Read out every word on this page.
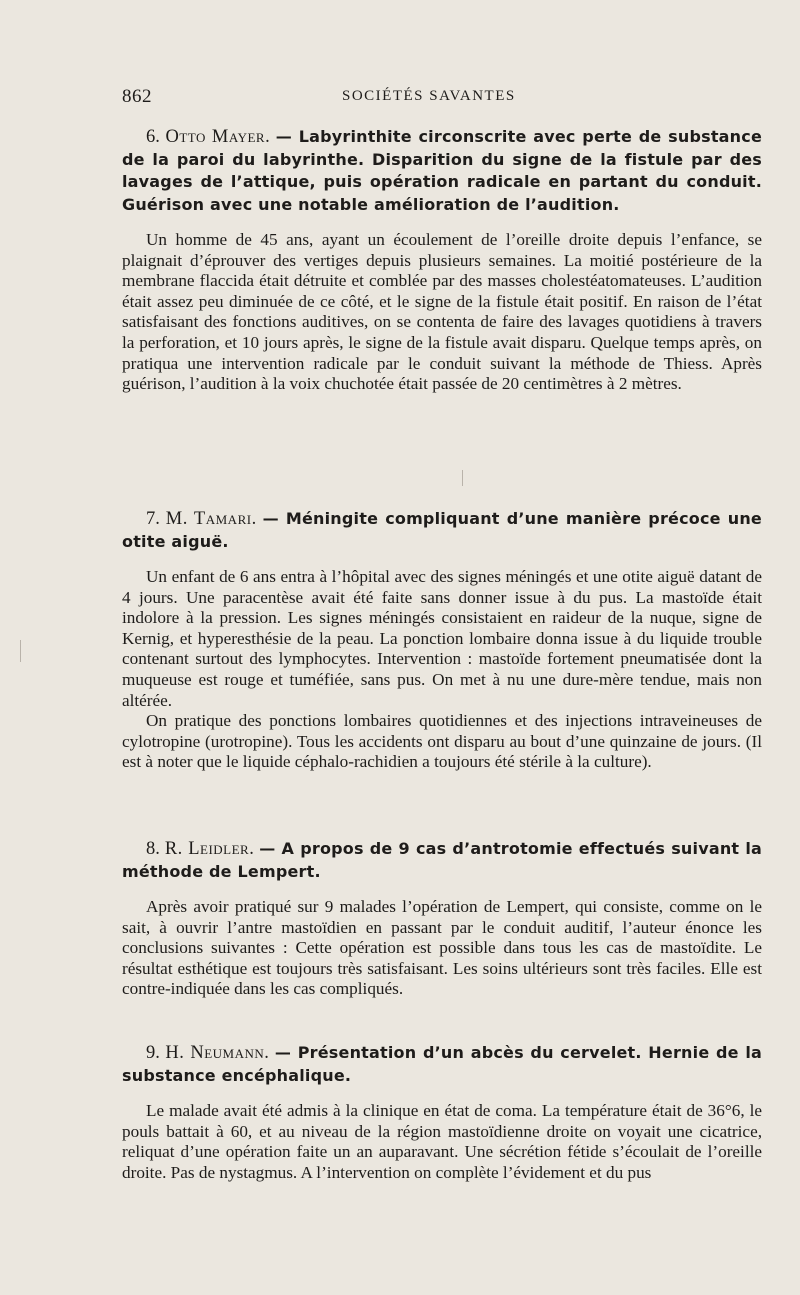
862	SOCIÉTÉS SAVANTES

6. Otto Mayer. — Labyrinthite circonscrite avec perte de substance de la paroi du labyrinthe. Disparition du signe de la fistule par des lavages de l’attique, puis opération radicale en partant du conduit. Guérison avec une notable amélioration de l’audition.

Un homme de 45 ans, ayant un écoulement de l’oreille droite depuis l’enfance, se plaignait d’éprouver des vertiges depuis plusieurs semaines. La moitié postérieure de la membrane flaccida était détruite et comblée par des masses cholestéatomateuses. L’audition était assez peu diminuée de ce côté, et le signe de la fistule était positif. En raison de l’état satisfaisant des fonctions auditives, on se contenta de faire des lavages quotidiens à travers la perforation, et 10 jours après, le signe de la fistule avait disparu. Quelque temps après, on pratiqua une intervention radicale par le conduit suivant la méthode de Thiess. Après guérison, l’audition à la voix chuchotée était passée de 20 centimètres à 2 mètres.

7. M. Tamari. — Méningite compliquant d’une manière précoce une otite aiguë.

Un enfant de 6 ans entra à l’hôpital avec des signes méningés et une otite aiguë datant de 4 jours. Une paracentèse avait été faite sans donner issue à du pus. La mastoïde était indolore à la pression. Les signes méningés consistaient en raideur de la nuque, signe de Kernig, et hyperesthésie de la peau. La ponction lombaire donna issue à du liquide trouble contenant surtout des lymphocytes. Intervention : mastoïde fortement pneumatisée dont la muqueuse est rouge et tuméfiée, sans pus. On met à nu une dure-mère tendue, mais non altérée.

On pratique des ponctions lombaires quotidiennes et des injections intraveineuses de cylotropine (urotropine). Tous les accidents ont disparu au bout d’une quinzaine de jours. (Il est à noter que le liquide céphalo-rachidien a toujours été stérile à la culture).

8. R. Leidler. — A propos de 9 cas d’antrotomie effectués suivant la méthode de Lempert.

Après avoir pratiqué sur 9 malades l’opération de Lempert, qui consiste, comme on le sait, à ouvrir l’antre mastoïdien en passant par le conduit auditif, l’auteur énonce les conclusions suivantes : Cette opération est possible dans tous les cas de mastoïdite. Le résultat esthétique est toujours très satisfaisant. Les soins ultérieurs sont très faciles. Elle est contre-indiquée dans les cas compliqués.

9. H. Neumann. — Présentation d’un abcès du cervelet. Hernie de la substance encéphalique.

Le malade avait été admis à la clinique en état de coma. La température était de 36°6, le pouls battait à 60, et au niveau de la région mastoïdienne droite on voyait une cicatrice, reliquat d’une opération faite un an auparavant. Une sécrétion fétide s’écoulait de l’oreille droite. Pas de nystagmus. A l’intervention on complète l’évidement et du pus
